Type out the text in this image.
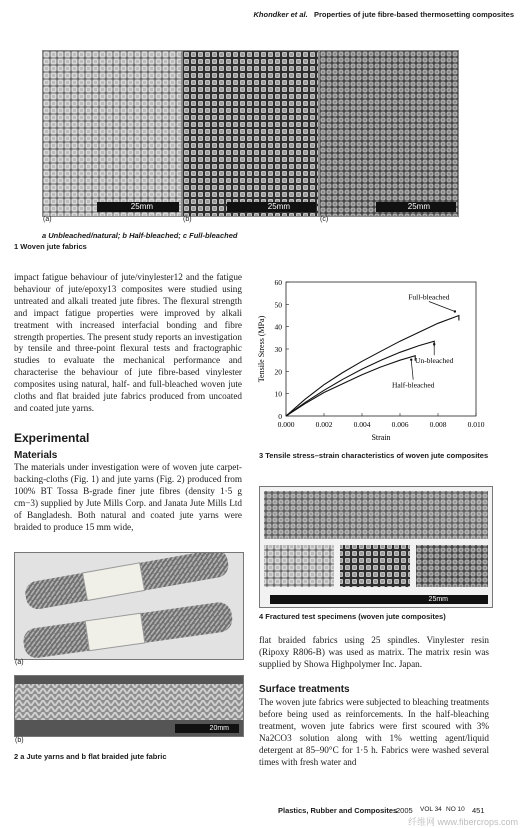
Khondker et al. Properties of jute fibre-based thermosetting composites
25mm
(a)
25mm
(b)
25mm
(c)
a Unbleached/natural; b Half-bleached; c Full-bleached
1 Woven jute fabrics

impact fatigue behaviour of jute/vinylester12 and the fatigue behaviour of jute/epoxy13 composites were studied using untreated and alkali treated jute fibres. The flexural strength and impact fatigue properties were improved by alkali treatment with increased interfacial bonding and fibre strength properties. The present study reports an investigation by tensile and three-point flexural tests and fractographic studies to evaluate the mechanical performance and characterise the behaviour of jute fibre-based vinylester composites using natural, half- and full-bleached woven jute cloths and flat braided jute fabrics produced from uncoated and coated jute yarns.

Experimental
Materials
The materials under investigation were of woven jute carpet-backing-cloths (Fig. 1) and jute yarns (Fig. 2) produced from 100% BT Tossa B-grade finer jute fibres (density 1·5 g cm−3) supplied by Jute Mills Corp. and Janata Jute Mills Ltd of Bangladesh. Both natural and coated jute yarns were braided to produce 15 mm wide,
(a)
20mm
(b)
2 a Jute yarns and b flat braided jute fabric
0
10
20
30
40
50
60
0.000	0.002	0.004	0.006	0.008	0.010
Strain
Tensile Stress (MPa)
Full-bleached
Un-bleached
Half-bleached
3 Tensile stress–strain characteristics of woven jute composites
25mm
4 Fractured test specimens (woven jute composites)
flat braided fabrics using 25 spindles. Vinylester resin (Ripoxy R806-B) was used as matrix. The matrix resin was supplied by Showa Highpolymer Inc. Japan.
Surface treatments
The woven jute fabrics were subjected to bleaching treatments before being used as reinforcements. In the half-bleaching treatment, woven jute fabrics were first scoured with 3% Na2CO3 solution along with 1% wetting agent/liquid detergent at 85–90°C for 1·5 h. Fabrics were washed several times with fresh water and
Plastics, Rubber and Composites
2005 VOL 34 NO 10 451
纤维网 www.fibercrops.com
